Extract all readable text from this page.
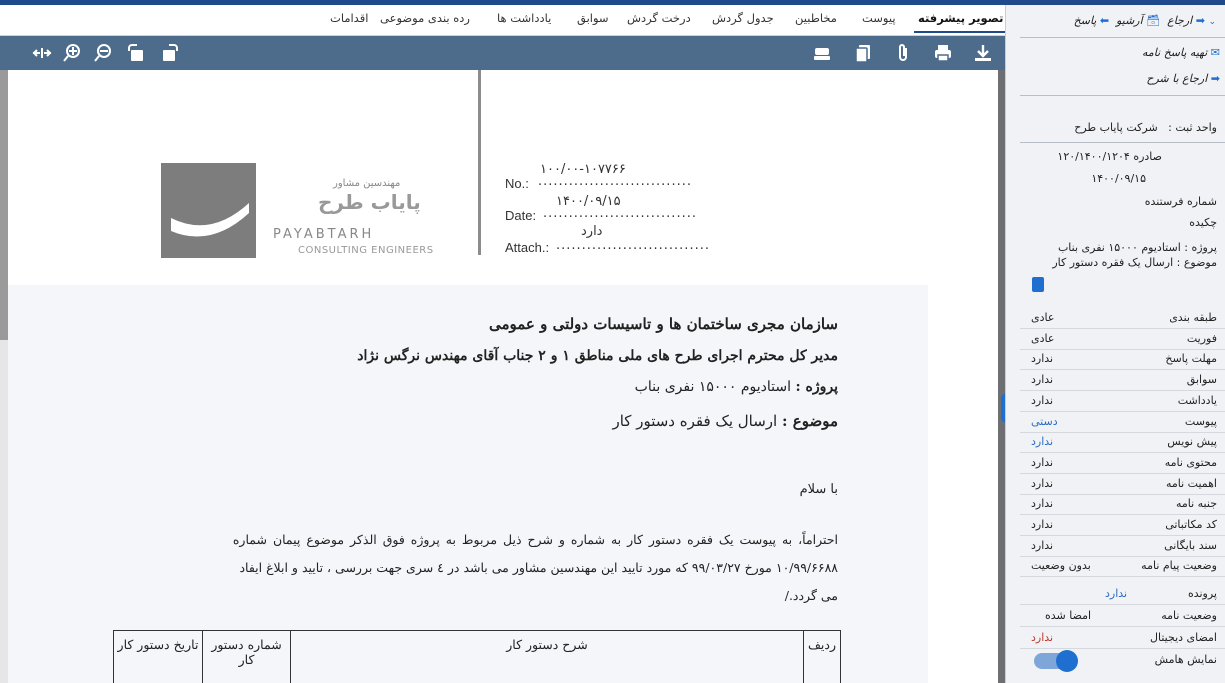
تصویر پیشرفته
پیوست
مخاطبین
جدول گردش
درخت گردش
سوابق
یادداشت ها
رده بندی موضوعی
اقدامات
مهندسین مشاور
پایاب طرح
PAYABTARH
CONSULTING ENGINEERS
۱۰۰/۰۰-۱۰۷۷۶۶
No.: ..............................
۱۴۰۰/۰۹/۱۵
Date: ..............................
دارد
Attach.: ..............................
سازمان مجری ساختمان ها و تاسیسات دولتی و عمومی
مدیر کل محترم اجرای طرح های ملی مناطق ۱ و ۲ جناب آقای مهندس نرگس نژاد
پروژه : استادیوم ۱۵۰۰۰ نفری بناب
موضوع : ارسال یک فقره دستور کار
با سلام
احتراماً، به پیوست یک فقره دستور کار به شماره و شرح ذیل مربوط به پروژه فوق الذکر موضوع پیمان شماره
۱۰/۹۹/۶۶۸۸ مورخ ۹۹/۰۳/۲۷ که مورد تایید این مهندسین مشاور می باشد در ٤ سری جهت بررسی ، تایید و ابلاغ ایفاد
می گردد./
ردیف	شرح دستور کار	شماره دستور کار	تاریخ دستور کار
⌄ ➡ ارجاع  🗃 آرشیو  ⬅ پاسخ
✉ تهیه پاسخ نامه
➡ ارجاع با شرح
واحد ثبت :   شرکت پایاب طرح
صادره ۱۲۰/۱۴۰۰/۱۲۰۴
۱۴۰۰/۰۹/۱۵
شماره فرستنده
چکیده
پروژه : استادیوم ۱۵۰۰۰ نفری بناب
موضوع : ارسال یک فقره دستور کار
پرونده
ندارد
وضعیت نامه
امضا شده
امضای دیجیتال
ندارد
نمایش هامش
طبقه بندی
عادی
فوریت
عادی
مهلت پاسخ
ندارد
سوابق
ندارد
یادداشت
ندارد
پیوست
دستی
پیش نویس
ندارد
محتوی نامه
ندارد
اهمیت نامه
ندارد
جنبه نامه
ندارد
کد مکاتباتی
ندارد
سند بایگانی
ندارد
وضعیت پیام نامه
بدون وضعیت
